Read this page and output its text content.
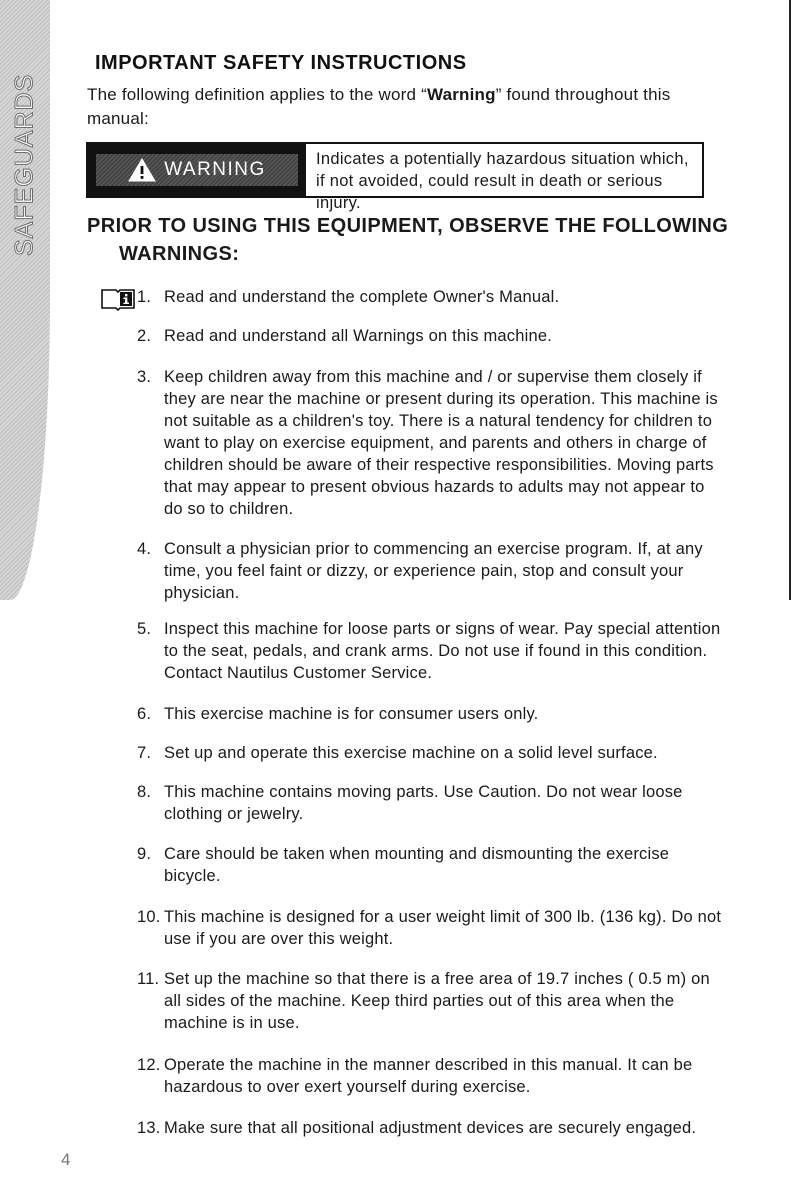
SAFEGUARDS
IMPORTANT SAFETY INSTRUCTIONS
The following definition applies to the word “Warning” found throughout this manual:
WARNING	Indicates a potentially hazardous situation which, if not avoided, could result in death or serious injury.
PRIOR TO USING THIS EQUIPMENT, OBSERVE THE FOLLOWING
WARNINGS:
1. Read and understand the complete Owner's Manual.
2. Read and understand all Warnings on this machine.
3. Keep children away from this machine and / or supervise them closely if they are near the machine or present during its operation. This machine is not suitable as a children's toy. There is a natural tendency for children to want to play on exercise equipment, and parents and others in charge of children should be aware of their respective responsibilities. Moving parts that may appear to present obvious hazards to adults may not appear to do so to children.
4. Consult a physician prior to commencing an exercise program. If, at any time, you feel faint or dizzy, or experience pain, stop and consult your physician.
5. Inspect this machine for loose parts or signs of wear. Pay special attention to the seat, pedals, and crank arms. Do not use if found in this condition. Contact Nautilus Customer Service.
6. This exercise machine is for consumer users only.
7. Set up and operate this exercise machine on a solid level surface.
8. This machine contains moving parts. Use Caution. Do not wear loose clothing or jewelry.
9. Care should be taken when mounting and dismounting the exercise bicycle.
10. This machine is designed for a user weight limit of 300 lb. (136 kg). Do not use if you are over this weight.
11. Set up the machine so that there is a free area of 19.7 inches ( 0.5 m) on all sides of the machine. Keep third parties out of this area when the machine is in use.
12. Operate the machine in the manner described in this manual. It can be hazardous to over exert yourself during exercise.
13. Make sure that all positional adjustment devices are securely engaged.
4
